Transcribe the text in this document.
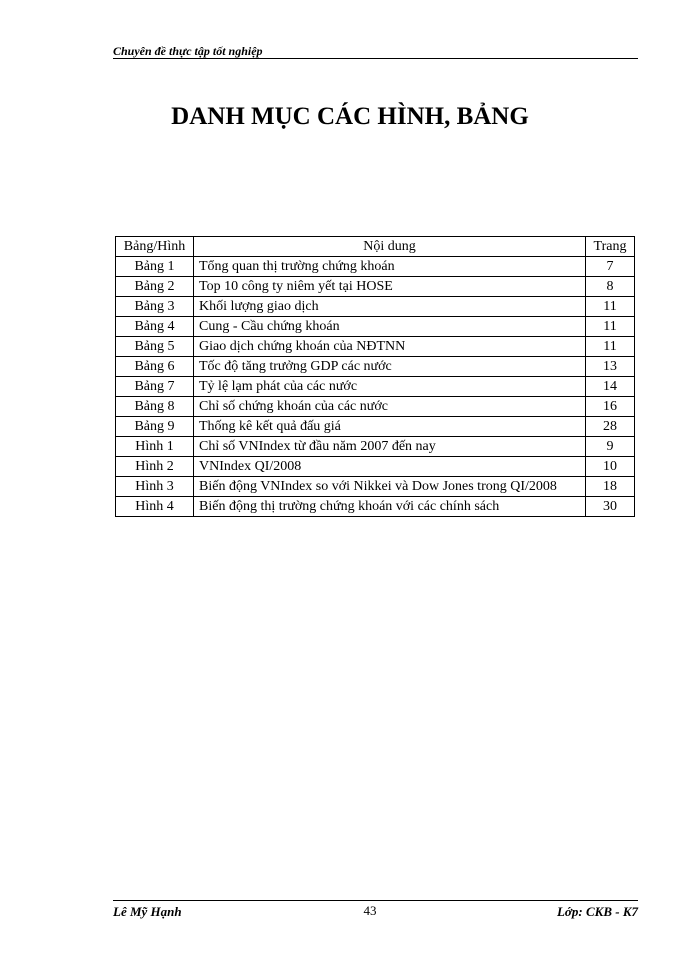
Chuyên đề thực tập tốt nghiệp
DANH MỤC CÁC HÌNH, BẢNG
Bảng/Hình	Nội dung	Trang
Bảng 1	Tổng quan thị trường chứng khoán	7
Bảng 2	Top 10 công ty niêm yết tại HOSE	8
Bảng 3	Khối lượng giao dịch	11
Bảng 4	Cung - Cầu chứng khoán	11
Bảng 5	Giao dịch chứng khoán của NĐTNN	11
Bảng 6	Tốc độ tăng trưởng GDP các nước	13
Bảng 7	Tỷ lệ lạm phát của các nước	14
Bảng 8	Chỉ số chứng khoán của các nước	16
Bảng 9	Thống kê kết quả đấu giá	28
Hình 1	Chỉ số VNIndex từ đầu năm 2007 đến nay	9
Hình 2	VNIndex QI/2008	10
Hình 3	Biến động VNIndex so với Nikkei và Dow Jones trong QI/2008	18
Hình 4	Biến động thị trường chứng khoán với các chính sách	30
Lê Mỹ Hạnh	43	Lớp: CKB - K7
